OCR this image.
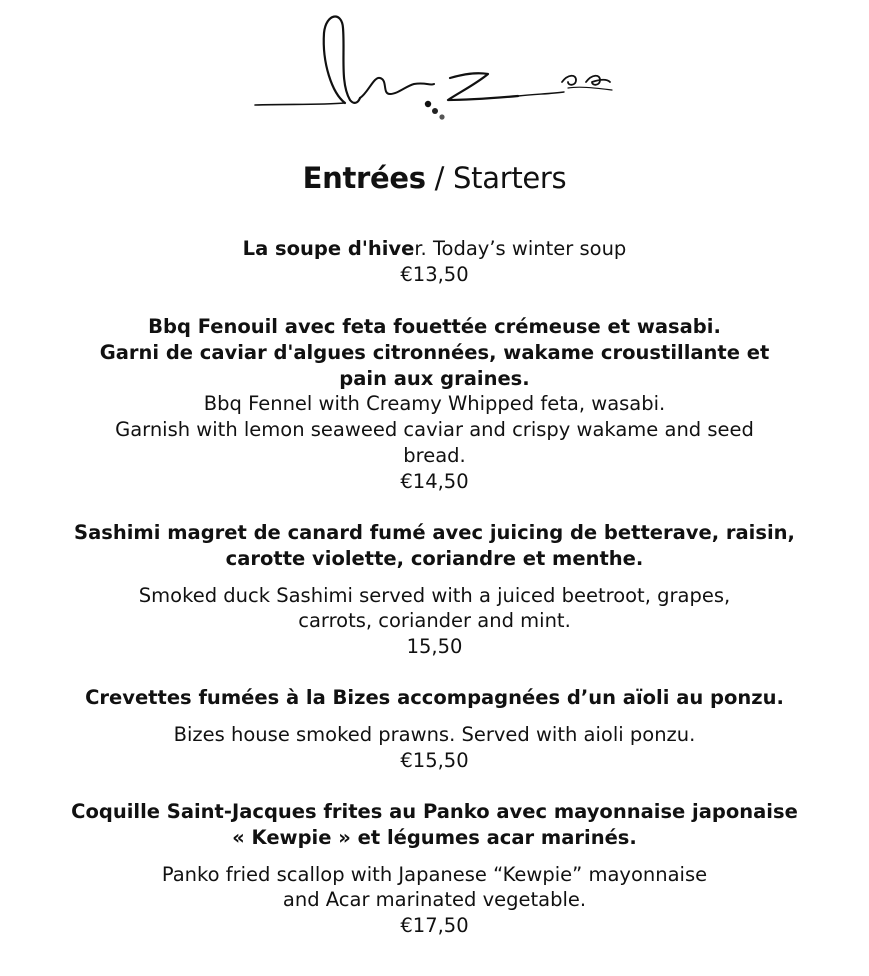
Entrées / Starters
La soupe d'hiver. Today’s winter soup
€13,50
Bbq Fenouil avec feta fouettée crémeuse et wasabi.
Garni de caviar d'algues citronnées, wakame croustillante et
pain aux graines.
Bbq Fennel with Creamy Whipped feta, wasabi.
Garnish with lemon seaweed caviar and crispy wakame and seed
bread.
€14,50
Sashimi magret de canard fumé avec juicing de betterave, raisin,
carotte violette, coriandre et menthe.
Smoked duck Sashimi served with a juiced beetroot, grapes,
carrots, coriander and mint.
15,50
Crevettes fumées à la Bizes accompagnées d’un aïoli au ponzu.
Bizes house smoked prawns. Served with aioli ponzu.
€15,50
Coquille Saint-Jacques frites au Panko avec mayonnaise japonaise
« Kewpie » et légumes acar marinés.
Panko fried scallop with Japanese “Kewpie” mayonnaise
and Acar marinated vegetable.
€17,50
